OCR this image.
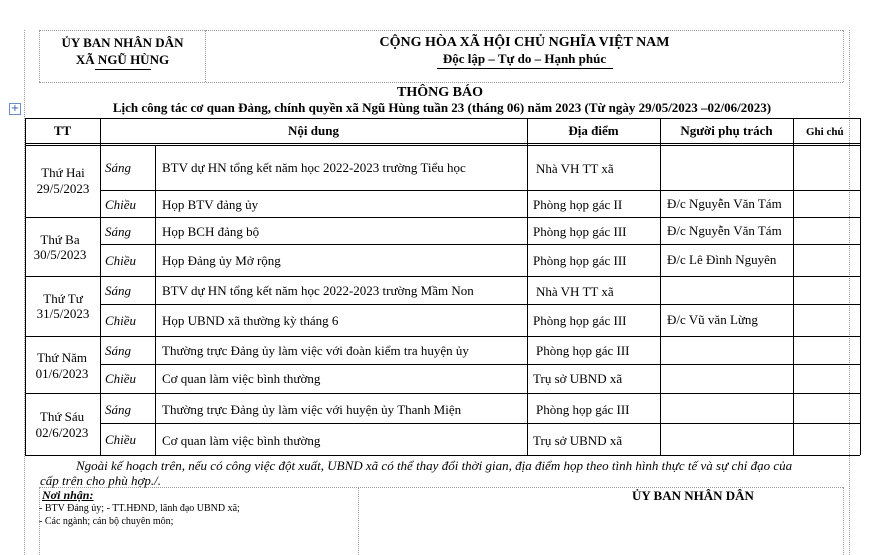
ỦY BAN NHÂN DÂN
XÃ NGŨ HÙNG
CỘNG HÒA XÃ HỘI CHỦ NGHĨA VIỆT NAM
Độc lập – Tự do – Hạnh phúc
THÔNG BÁO
Lịch công tác cơ quan Đảng, chính quyền xã Ngũ Hùng tuần 23 (tháng 06) năm 2023 (Từ ngày 29/05/2023 –02/06/2023)
+
TT	Nội dung	Địa điểm	Người phụ trách	Ghi chú
Thứ Hai
29/5/2023
Sáng BTV dự HN tổng kết năm học 2022-2023 trường Tiểu học	Nhà VH TT xã
Chiều Họp BTV đảng ủy	Phòng họp gác II	Đ/c Nguyễn Văn Tám
Thứ Ba
30/5/2023
Sáng Họp BCH đảng bộ	Phòng họp gác III	Đ/c Nguyễn Văn Tám
Chiều Họp Đảng ủy Mở rộng	Phòng họp gác III	Đ/c Lê Đình Nguyên
Thứ Tư
31/5/2023
Sáng BTV dự HN tổng kết năm học 2022-2023 trường Mầm Non	Nhà VH TT xã
Chiều Họp UBND xã thường kỳ tháng 6	Phòng họp gác III	Đ/c Vũ văn Lừng
Thứ Năm
01/6/2023
Sáng Thường trực Đảng ủy làm việc với đoàn kiểm tra huyện ủy	Phòng họp gác III
Chiều Cơ quan làm việc bình thường	Trụ sở UBND xã
Thứ Sáu
02/6/2023
Sáng Thường trực Đảng ủy làm việc với huyện ủy Thanh Miện	Phòng họp gác III
Chiều Cơ quan làm việc bình thường	Trụ sở UBND xã
Ngoài kế hoạch trên, nếu có công việc đột xuất, UBND xã có thể thay đổi thời gian, địa điểm họp theo tình hình thực tế và sự chỉ đạo của
cấp trên cho phù hợp./.
Nơi nhận:
- BTV Đảng ủy; - TT.HĐND, lãnh đạo UBND xã;
- Các ngành; cán bộ chuyên môn;
ỦY BAN NHÂN DÂN
